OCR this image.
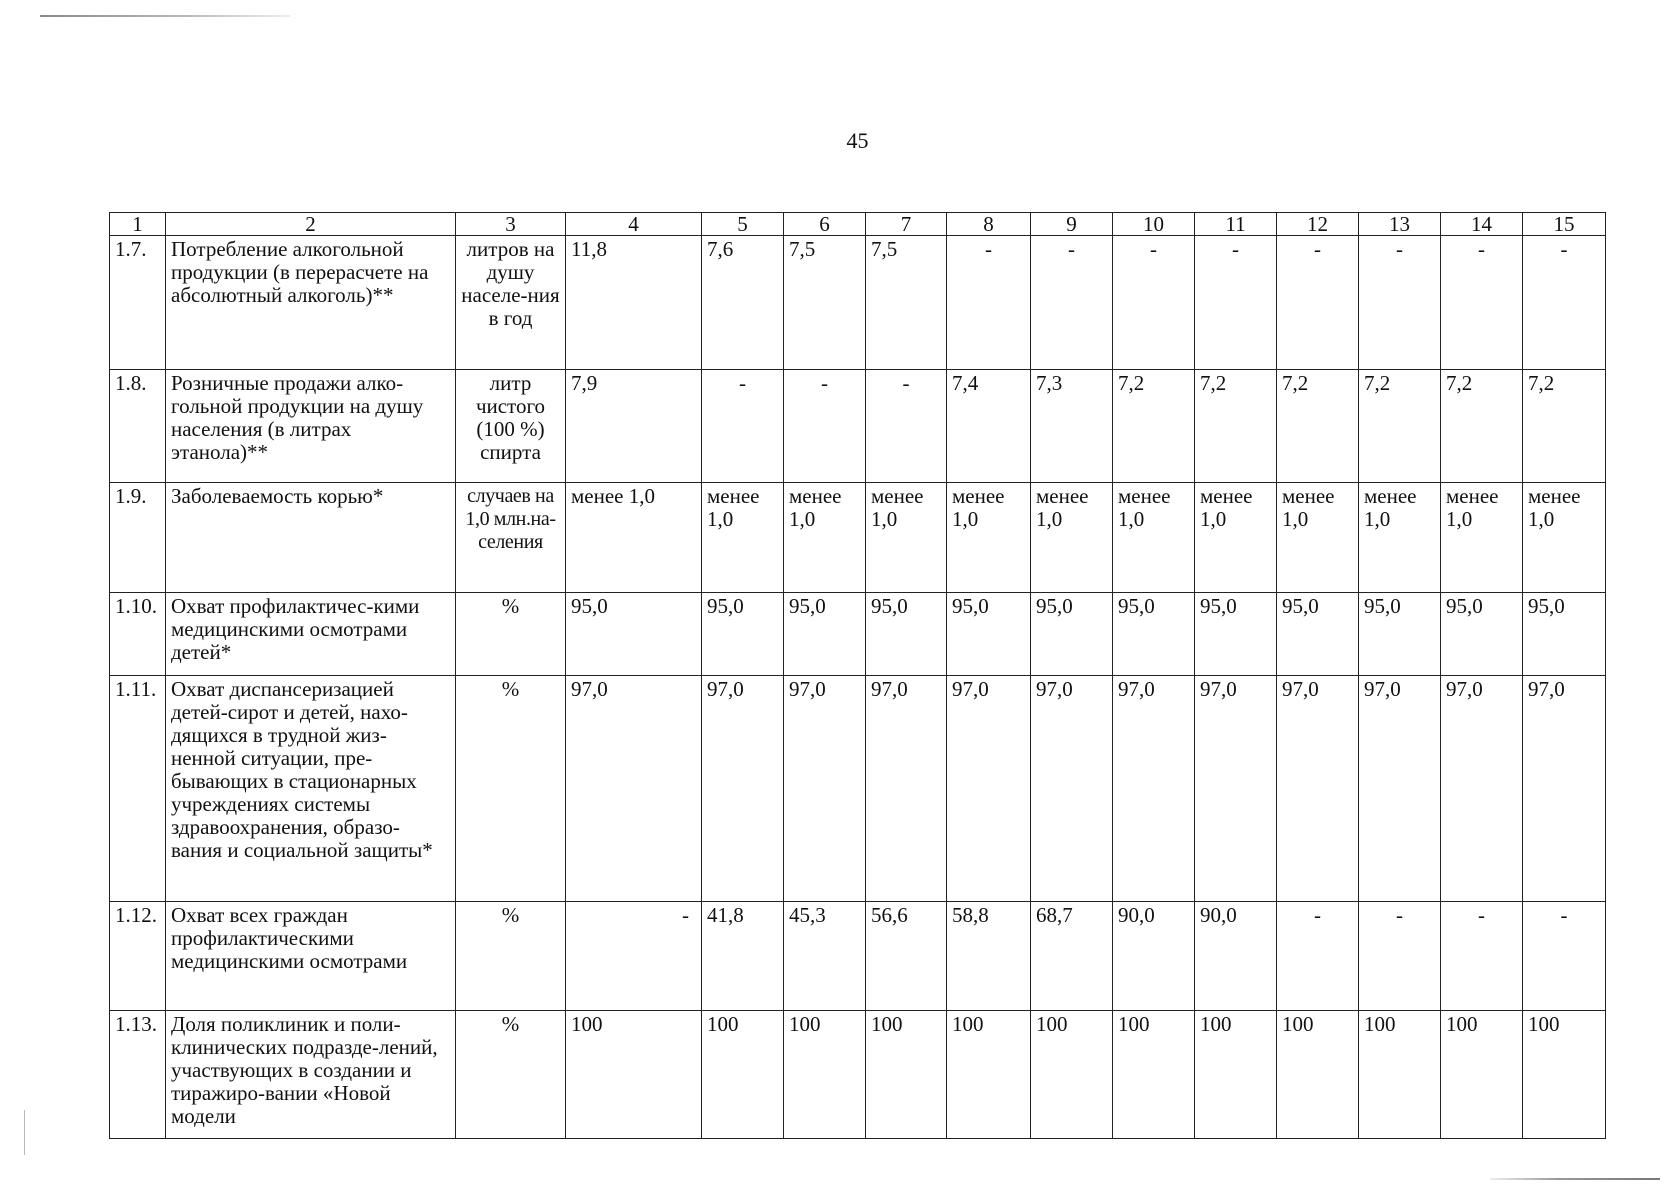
45
1	2	3	4	5	6	7	8	9	10	11	12	13	14	15
1.7.	Потребление алкогольной продукции (в перерасчете на абсолютный алкоголь)**	литров на душу населе-ния в год	11,8	7,6	7,5	7,5	-	-	-	-	-	-	-	-
1.8.	Розничные продажи алко-гольной продукции на душу населения (в литрах этанола)**	литр чистого (100 %) спирта	7,9	-	-	-	7,4	7,3	7,2	7,2	7,2	7,2	7,2	7,2
1.9.	Заболеваемость корью*	случаев на 1,0 млн.на-селения	менее 1,0	менее 1,0	менее 1,0	менее 1,0	менее 1,0	менее 1,0	менее 1,0	менее 1,0	менее 1,0	менее 1,0	менее 1,0	менее 1,0
1.10.	Охват профилактичес-кими медицинскими осмотрами детей*	%	95,0	95,0	95,0	95,0	95,0	95,0	95,0	95,0	95,0	95,0	95,0	95,0
1.11.	Охват диспансеризацией детей-сирот и детей, нахо-дящихся в трудной жиз-ненной ситуации, пре-бывающих в стационарных учреждениях системы здравоохранения, образо-вания и социальной защиты*	%	97,0	97,0	97,0	97,0	97,0	97,0	97,0	97,0	97,0	97,0	97,0	97,0
1.12.	Охват всех граждан профилактическими медицинскими осмотрами	%	-	41,8	45,3	56,6	58,8	68,7	90,0	90,0	-	-	-	-
1.13.	Доля поликлиник и поли-клинических подразде-лений, участвующих в создании и тиражиро-вании «Новой модели	%	100	100	100	100	100	100	100	100	100	100	100	100
